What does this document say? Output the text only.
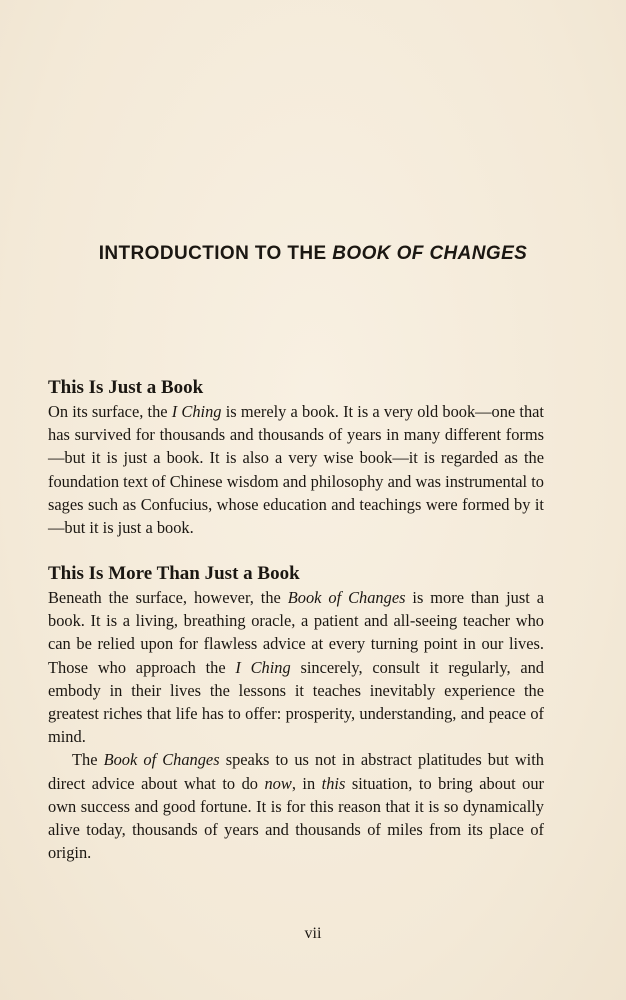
INTRODUCTION TO THE BOOK OF CHANGES
This Is Just a Book

On its surface, the I Ching is merely a book. It is a very old book—one that has survived for thousands and thousands of years in many different forms—but it is just a book. It is also a very wise book—it is regarded as the foundation text of Chinese wisdom and philosophy and was instrumental to sages such as Confucius, whose education and teachings were formed by it—but it is just a book.

This Is More Than Just a Book

Beneath the surface, however, the Book of Changes is more than just a book. It is a living, breathing oracle, a patient and all-seeing teacher who can be relied upon for flawless advice at every turning point in our lives. Those who approach the I Ching sincerely, consult it regularly, and embody in their lives the lessons it teaches inevitably experience the greatest riches that life has to offer: prosperity, understanding, and peace of mind.

The Book of Changes speaks to us not in abstract platitudes but with direct advice about what to do now, in this situation, to bring about our own success and good fortune. It is for this reason that it is so dynamically alive today, thousands of years and thousands of miles from its place of origin.

vii
